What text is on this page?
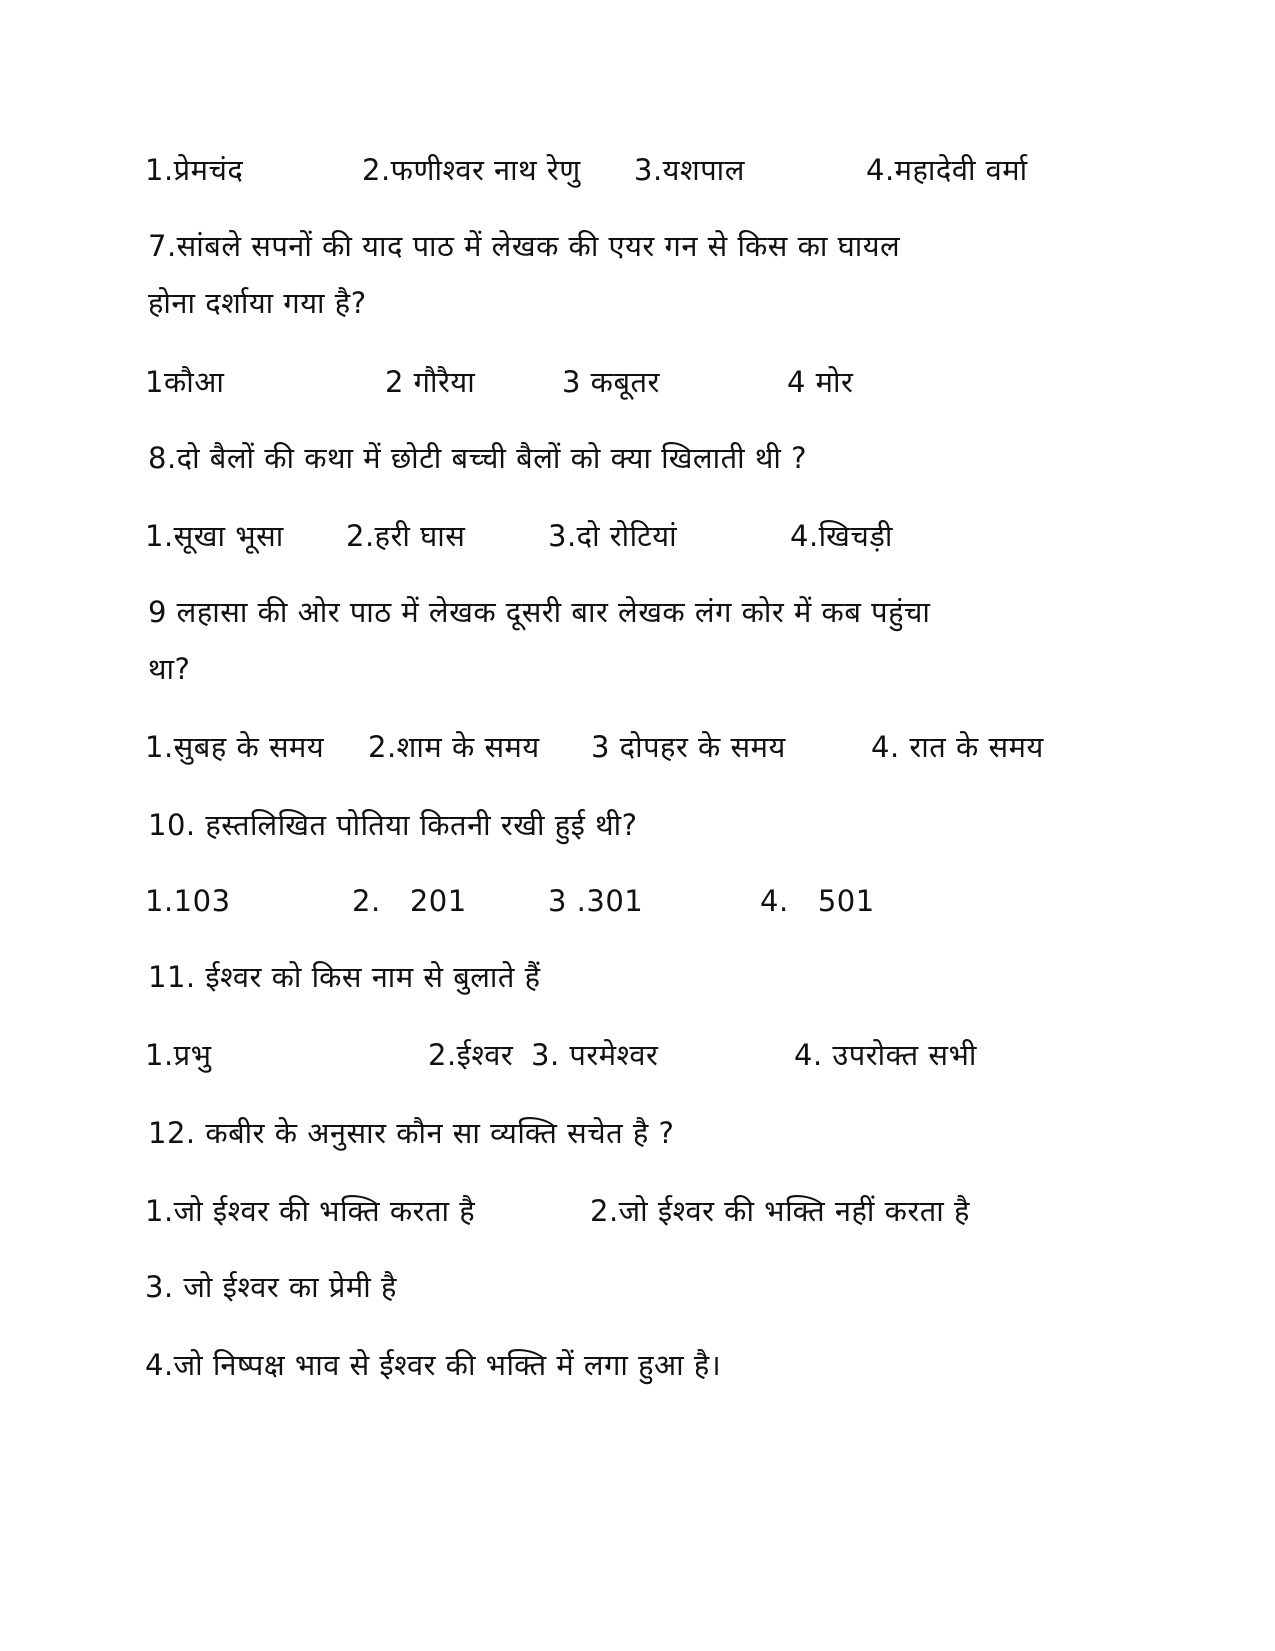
1.प्रेमचंद	2.फणीश्वर नाथ रेणु 3.यशपाल	4.महादेवी वर्मा
7.सांबले सपनों की याद पाठ में लेखक की एयर गन से किस का घायल
होना दर्शाया गया है?
1कौआ	2 गौरैया	3 कबूतर	4 मोर
8.दो बैलों की कथा में छोटी बच्ची बैलों को क्या खिलाती थी ?
1.सूखा भूसा 2.हरी घास	3.दो रोटियां	4.खिचड़ी
9 लहासा की ओर पाठ में लेखक दूसरी बार लेखक लंग कोर में कब पहुंचा
था?
1.सुबह के समय 2.शाम के समय 3 दोपहर के समय	4. रात के समय
10. हस्तलिखित पोतिया कितनी रखी हुई थी?
1.103	2.   201	3 .301	4.   501
11. ईश्वर को किस नाम से बुलाते हैं
1.प्रभु	2.ईश्वर 3. परमेश्वर	4. उपरोक्त सभी
12. कबीर के अनुसार कौन सा व्यक्ति सचेत है ?
1.जो ईश्वर की भक्ति करता है	2.जो ईश्वर की भक्ति नहीं करता है
3. जो ईश्वर का प्रेमी है
4.जो निष्पक्ष भाव से ईश्वर की भक्ति में लगा हुआ है।
